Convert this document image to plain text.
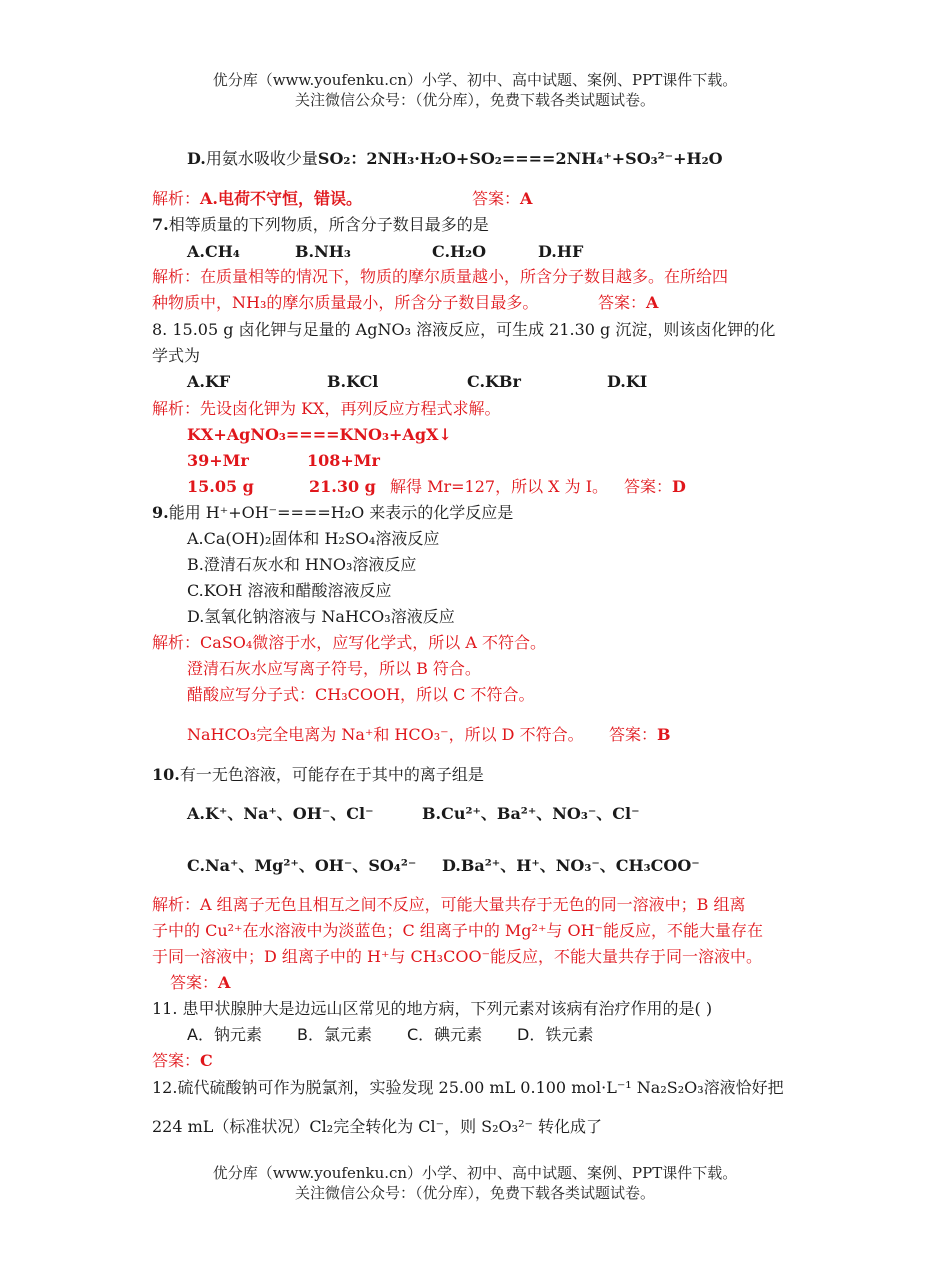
优分库（www.youfenku.cn）小学、初中、高中试题、案例、PPT课件下载。
关注微信公众号：（优分库），免费下载各类试题试卷。
D.用氨水吸收少量SO₂：2NH₃·H₂O+SO₂====2NH₄⁺+SO₃²⁻+H₂O
解析：A.电荷不守恒，错误。	答案：A
7.相等质量的下列物质，所含分子数目最多的是
A.CH₄	B.NH₃	C.H₂O	D.HF
解析：在质量相等的情况下，物质的摩尔质量越小，所含分子数目越多。在所给四
种物质中，NH₃的摩尔质量最小，所含分子数目最多。	答案：A
8. 15.05 g 卤化钾与足量的 AgNO₃ 溶液反应，可生成 21.30 g 沉淀，则该卤化钾的化
学式为
A.KF	B.KCl	C.KBr	D.KI
解析：先设卤化钾为 KX，再列反应方程式求解。
KX+AgNO₃====KNO₃+AgX↓
39+Mr	108+Mr
15.05 g	21.30 g 解得 Mr=127，所以 X 为 I。 答案：D
9.能用 H⁺+OH⁻====H₂O 来表示的化学反应是
A.Ca(OH)₂固体和 H₂SO₄溶液反应
B.澄清石灰水和 HNO₃溶液反应
C.KOH 溶液和醋酸溶液反应
D.氢氧化钠溶液与 NaHCO₃溶液反应
解析：CaSO₄微溶于水，应写化学式，所以 A 不符合。
澄清石灰水应写离子符号，所以 B 符合。
醋酸应写分子式：CH₃COOH，所以 C 不符合。
NaHCO₃完全电离为 Na⁺和 HCO₃⁻，所以 D 不符合。 答案：B
10.有一无色溶液，可能存在于其中的离子组是
A.K⁺、Na⁺、OH⁻、Cl⁻	B.Cu²⁺、Ba²⁺、NO₃⁻、Cl⁻
C.Na⁺、Mg²⁺、OH⁻、SO₄²⁻ D.Ba²⁺、H⁺、NO₃⁻、CH₃COO⁻
解析：A 组离子无色且相互之间不反应，可能大量共存于无色的同一溶液中；B 组离
子中的 Cu²⁺在水溶液中为淡蓝色；C 组离子中的 Mg²⁺与 OH⁻能反应，不能大量存在
于同一溶液中；D 组离子中的 H⁺与 CH₃COO⁻能反应，不能大量共存于同一溶液中。
答案：A
11. 患甲状腺肿大是边远山区常见的地方病，下列元素对该病有治疗作用的是( )
A．钠元素 B．氯元素 C．碘元素 D．铁元素
答案：C
12.硫代硫酸钠可作为脱氯剂，实验发现 25.00 mL 0.100 mol·L⁻¹ Na₂S₂O₃溶液恰好把
224 mL（标准状况）Cl₂完全转化为 Cl⁻，则 S₂O₃²⁻ 转化成了
优分库（www.youfenku.cn）小学、初中、高中试题、案例、PPT课件下载。
关注微信公众号：（优分库），免费下载各类试题试卷。
